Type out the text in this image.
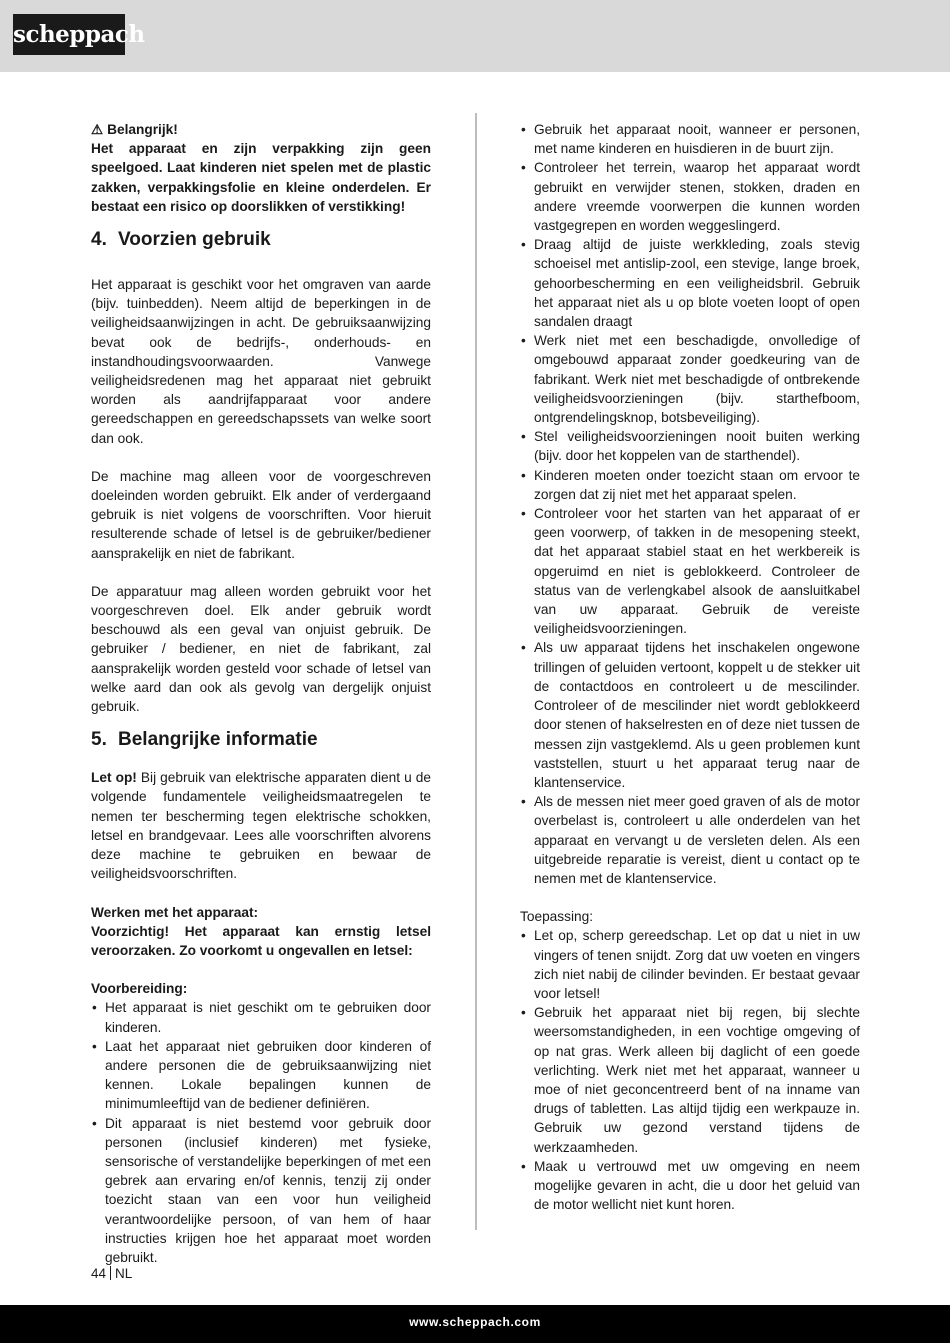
scheppach

⚠ Belangrijk!

Het apparaat en zijn verpakking zijn geen speelgoed. Laat kinderen niet spelen met de plastic zakken, verpakkingsfolie en kleine onderdelen. Er bestaat een risico op doorslikken of verstikking!

4. Voorzien gebruik

Het apparaat is geschikt voor het omgraven van aarde (bijv. tuinbedden). Neem altijd de beperkingen in de veiligheidsaanwijzingen in acht. De gebruiksaanwijzing bevat ook de bedrijfs-, onderhouds- en instandhoudingsvoorwaarden. Vanwege veiligheidsredenen mag het apparaat niet gebruikt worden als aandrijfapparaat voor andere gereedschappen en gereedschapssets van welke soort dan ook.

De machine mag alleen voor de voorgeschreven doeleinden worden gebruikt. Elk ander of verdergaand gebruik is niet volgens de voorschriften. Voor hieruit resulterende schade of letsel is de gebruiker/bediener aansprakelijk en niet de fabrikant.

De apparatuur mag alleen worden gebruikt voor het voorgeschreven doel. Elk ander gebruik wordt beschouwd als een geval van onjuist gebruik. De gebruiker / bediener, en niet de fabrikant, zal aansprakelijk worden gesteld voor schade of letsel van welke aard dan ook als gevolg van dergelijk onjuist gebruik.

5. Belangrijke informatie

Let op! Bij gebruik van elektrische apparaten dient u de volgende fundamentele veiligheidsmaatregelen te nemen ter bescherming tegen elektrische schokken, letsel en brandgevaar. Lees alle voorschriften alvorens deze machine te gebruiken en bewaar de veiligheidsvoorschriften.

Werken met het apparaat:

Voorzichtig! Het apparaat kan ernstig letsel veroorzaken. Zo voorkomt u ongevallen en letsel:

Voorbereiding:

• Het apparaat is niet geschikt om te gebruiken door kinderen.
• Laat het apparaat niet gebruiken door kinderen of andere personen die de gebruiksaanwijzing niet kennen. Lokale bepalingen kunnen de minimumleeftijd van de bediener definiëren.
• Dit apparaat is niet bestemd voor gebruik door personen (inclusief kinderen) met fysieke, sensorische of verstandelijke beperkingen of met een gebrek aan ervaring en/of kennis, tenzij zij onder toezicht staan van een voor hun veiligheid verantwoordelijke persoon, of van hem of haar instructies krijgen hoe het apparaat moet worden gebruikt.
• Gebruik het apparaat nooit, wanneer er personen, met name kinderen en huisdieren in de buurt zijn.
• Controleer het terrein, waarop het apparaat wordt gebruikt en verwijder stenen, stokken, draden en andere vreemde voorwerpen die kunnen worden vastgegrepen en worden weggeslingerd.
• Draag altijd de juiste werkkleding, zoals stevig schoeisel met antislip-zool, een stevige, lange broek, gehoorbescherming en een veiligheidsbril. Gebruik het apparaat niet als u op blote voeten loopt of open sandalen draagt
• Werk niet met een beschadigde, onvolledige of omgebouwd apparaat zonder goedkeuring van de fabrikant. Werk niet met beschadigde of ontbrekende veiligheidsvoorzieningen (bijv. starthefboom, ontgrendelingsknop, botsbeveiliging).
• Stel veiligheidsvoorzieningen nooit buiten werking (bijv. door het koppelen van de starthendel).
• Kinderen moeten onder toezicht staan om ervoor te zorgen dat zij niet met het apparaat spelen.
• Controleer voor het starten van het apparaat of er geen voorwerp, of takken in de mesopening steekt, dat het apparaat stabiel staat en het werkbereik is opgeruimd en niet is geblokkeerd. Controleer de status van de verlengkabel alsook de aansluitkabel van uw apparaat. Gebruik de vereiste veiligheidsvoorzieningen.
• Als uw apparaat tijdens het inschakelen ongewone trillingen of geluiden vertoont, koppelt u de stekker uit de contactdoos en controleert u de mescilinder. Controleer of de mescilinder niet wordt geblokkeerd door stenen of hakselresten en of deze niet tussen de messen zijn vastgeklemd. Als u geen problemen kunt vaststellen, stuurt u het apparaat terug naar de klantenservice.
• Als de messen niet meer goed graven of als de motor overbelast is, controleert u alle onderdelen van het apparaat en vervangt u de versleten delen. Als een uitgebreide reparatie is vereist, dient u contact op te nemen met de klantenservice.

Toepassing:

• Let op, scherp gereedschap. Let op dat u niet in uw vingers of tenen snijdt. Zorg dat uw voeten en vingers zich niet nabij de cilinder bevinden. Er bestaat gevaar voor letsel!
• Gebruik het apparaat niet bij regen, bij slechte weersomstandigheden, in een vochtige omgeving of op nat gras. Werk alleen bij daglicht of een goede verlichting. Werk niet met het apparaat, wanneer u moe of niet geconcentreerd bent of na inname van drugs of tabletten. Las altijd tijdig een werkpauze in. Gebruik uw gezond verstand tijdens de werkzaamheden.
• Maak u vertrouwd met uw omgeving en neem mogelijke gevaren in acht, die u door het geluid van de motor wellicht niet kunt horen.
44 NL
www.scheppach.com
